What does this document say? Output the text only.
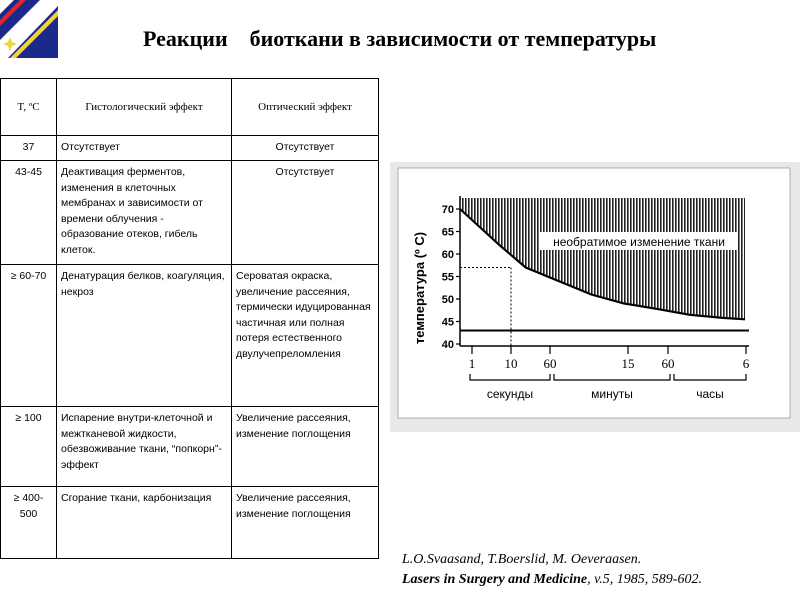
Реакции    биоткани в зависимости от температуры
T, ºC	Гистологический эффект	Оптический эффект
37	Отсутствует	Отсутствует
43-45	Деактивация ферментов, изменения в клеточных мембранах и зависимости от времени облучения - образование отеков, гибель клеток.	Отсутствует
≥ 60-70	Денатурация белков, коагуляция, некроз	Сероватая окраска, увеличение рассеяния, термически идуцированная частичная или полная потеря естественного двулучепреломления
≥ 100	Испарение внутри-клеточной и межтканевой жидкости, обезвоживание ткани, “попкорн”- эффект	Увеличение рассеяния, изменение поглощения
≥ 400-500	Сгорание ткани, карбонизация	Увеличение рассеяния, изменение поглощения
необратимое изменение ткани
40
45
50
55
60
65
70
1 10 60	15 60	6
секунды	минуты	часы
температура (º C)
L.O.Svaasand, T.Boerslid, M. Oeveraasen.
Lasers in Surgery and Medicine, v.5, 1985, 589-602.
